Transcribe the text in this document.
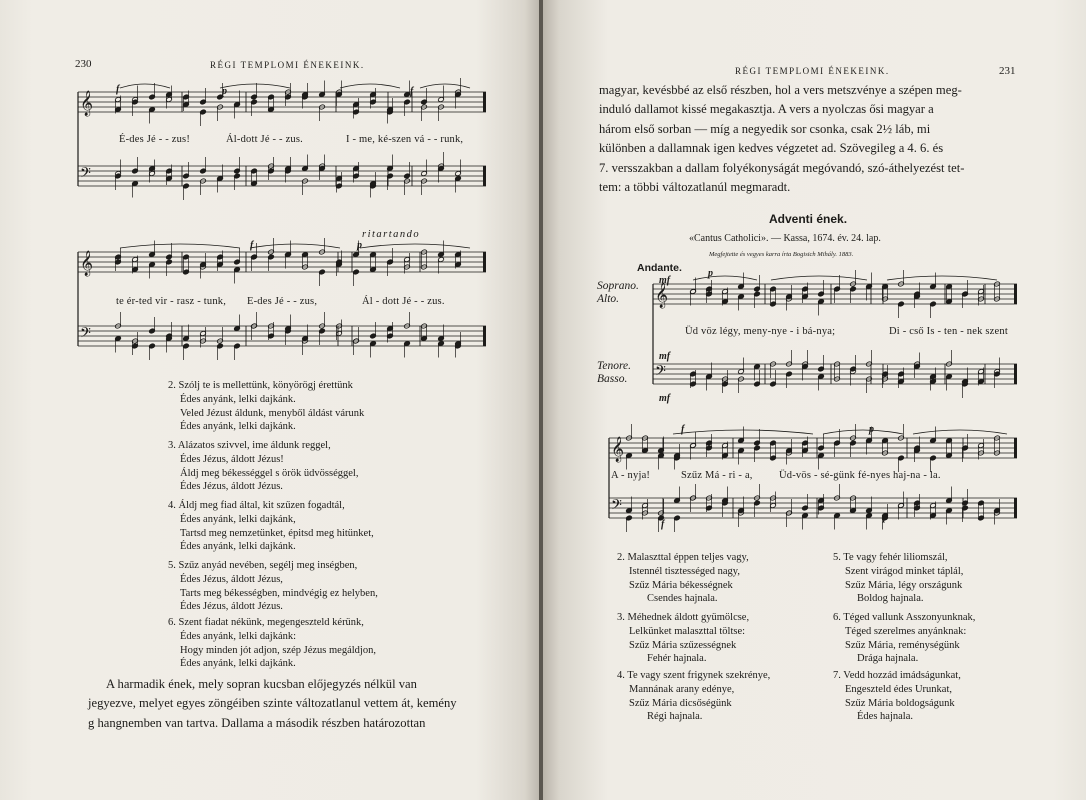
230	RÉGI TEMPLOMI ÉNEKEINK.
𝄞
𝄢
f	p	f
É-des Jé - - zus!	Ál-dott Jé - - zus.	I - me, ké-szen vá - - runk,
𝄞
𝄢
ritartando
f	p
te ér-ted vir - rasz - tunk, E-des Jé - - zus,	Ál - dott Jé - - zus.
2. Szólj te is mellettünk, könyörögj érettünk
Édes anyánk, lelki dajkánk.
Veled Jézust áldunk, menyből áldást várunk
Édes anyánk, lelki dajkánk.
3. Alázatos szivvel, ime áldunk reggel,
Édes Jézus, áldott Jézus!
Áldj meg békességgel s örök üdvösséggel,
Édes Jézus, áldott Jézus.
4. Áldj meg fiad által, kit szűzen fogadtál,
Édes anyánk, lelki dajkánk,
Tartsd meg nemzetünket, épitsd meg hitünket,
Édes anyánk, lelki dajkánk.
5. Szűz anyád nevében, segélj meg inségben,
Édes Jézus, áldott Jézus,
Tarts meg békességben, mindvégig ez helyben,
Édes Jézus, áldott Jézus.
6. Szent fiadat nékünk, megengeszteld kérünk,
Édes anyánk, lelki dajkánk:
Hogy minden jót adjon, szép Jézus megáldjon,
Édes anyánk, lelki dajkánk.
A harmadik ének, mely sopran kucsban előjegyzés nélkül van
jegyezve, melyet egyes zöngéiben szinte változatlanul vettem át, kemény
g hangnemben van tartva. Dallama a második részben határozottan
RÉGI TEMPLOMI ÉNEKEINK.	231
magyar, kevésbbé az első részben, hol a vers metszvénye a szépen meg-
induló dallamot kissé megakasztja. A vers a nyolczas ősi magyar a
három első sorban — míg a negyedik sor csonka, csak 2½ láb, mi
különben a dallamnak igen kedves végzetet ad. Szövegileg a 4. 6. és
7. versszakban a dallam folyékonyságát megóvandó, szó-áthelyezést tet-
tem: a többi változatlanúl megmaradt.
Adventi ének.
«Cantus Catholici». — Kassa, 1674. év. 24. lap.
Megfejtette és vegyes karra írta Bogisich Mihály. 1883.
Andante.
Soprano.
Alto.
Tenore.
Basso.
𝄞
𝄢
mf
p
mf
mf
Üd vöz légy, meny-nye - i bá-nya;	Di - cső Is - ten - nek szent
𝄞
𝄢
f	p
f
p
A - nyja!	Szűz Má - ri - a,	Üd-vös - sé-günk fé-nyes haj-na - la.
2. Malaszttal éppen teljes vagy,
Istennél tisztességed nagy,
Szűz Mária békességnek
Csendes hajnala.
3. Méhednek áldott gyümölcse,
Lelkünket malaszttal töltse:
Szűz Mária szűzességnek
Fehér hajnala.
4. Te vagy szent frigynek szekrénye,
Mannának arany edénye,
Szűz Mária dicsőségünk
Régi hajnala.
5. Te vagy fehér liliomszál,
Szent virágod minket táplál,
Szűz Mária, légy országunk
Boldog hajnala.
6. Téged vallunk Asszonyunknak,
Téged szerelmes anyánknak:
Szűz Mária, reménységünk
Drága hajnala.
7. Vedd hozzád imádságunkat,
Engeszteld édes Urunkat,
Szűz Mária boldogságunk
Édes hajnala.
